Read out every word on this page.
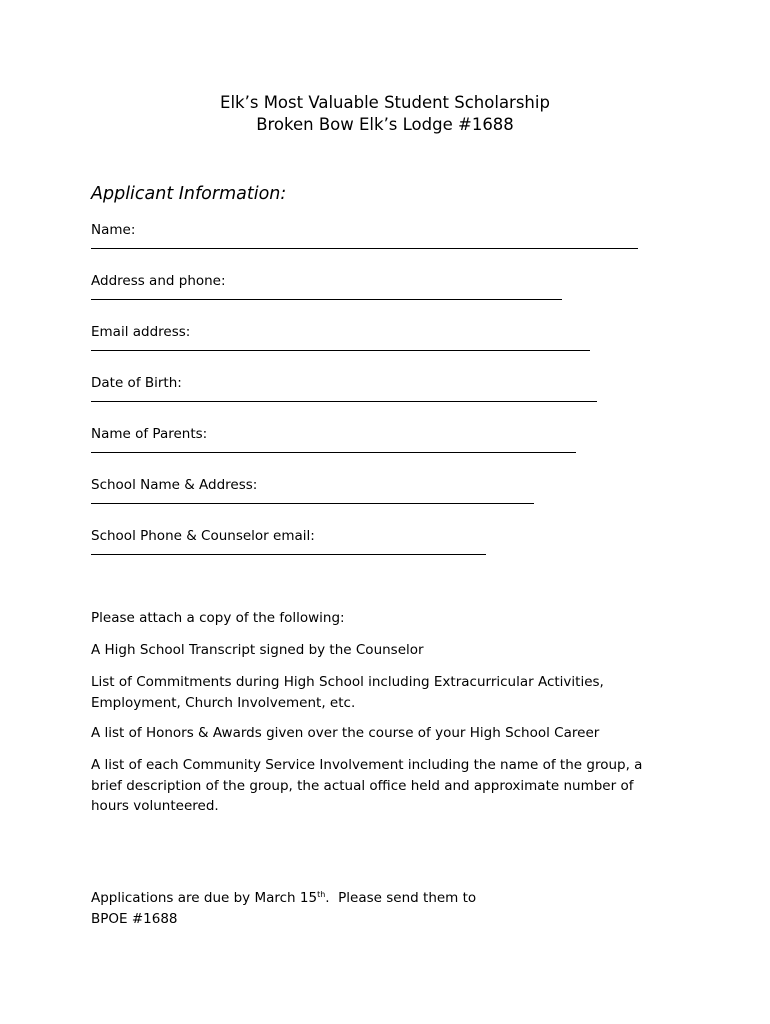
Elk’s Most Valuable Student Scholarship
Broken Bow Elk’s Lodge #1688
Applicant Information:
Name:
Address and phone:
Email address:
Date of Birth:
Name of Parents:
School Name & Address:
School Phone & Counselor email:
Please attach a copy of the following:
A High School Transcript signed by the Counselor
List of Commitments during High School including Extracurricular Activities, Employment, Church Involvement, etc.
A list of Honors & Awards given over the course of your High School Career
A list of each Community Service Involvement including the name of the group, a brief description of the group, the actual office held and approximate number of hours volunteered.
Applications are due by March 15th.  Please send them to
BPOE #1688
